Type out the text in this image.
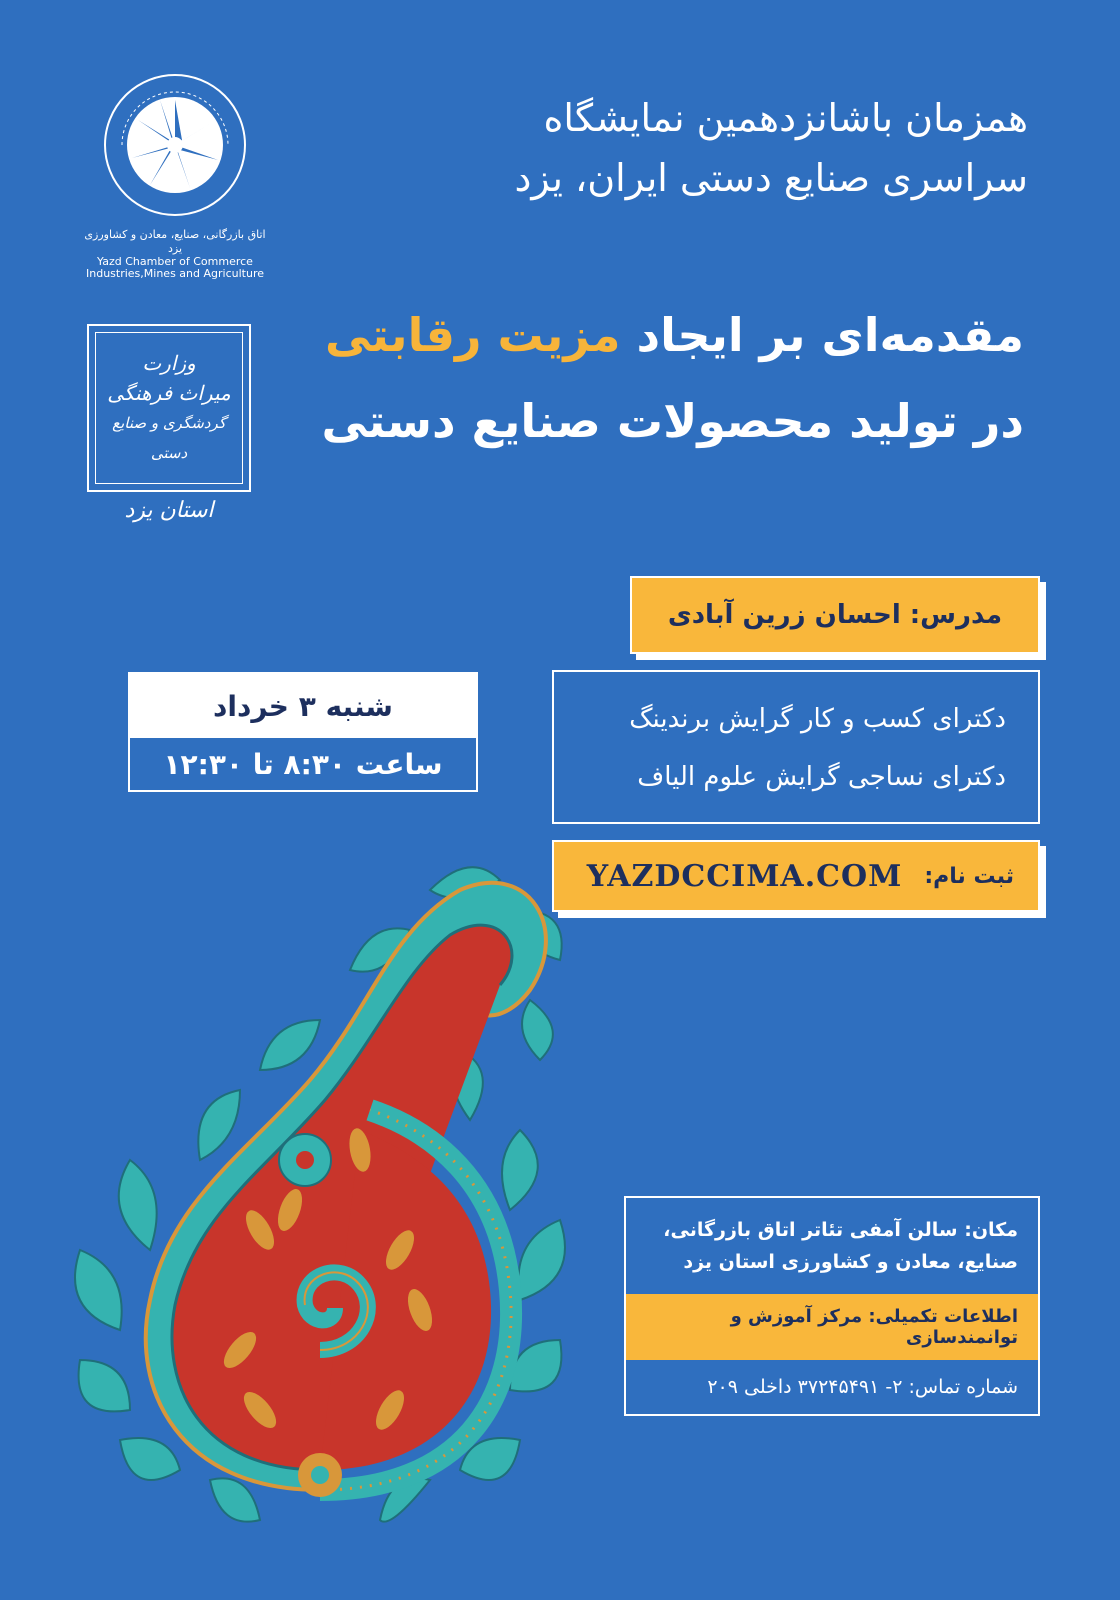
همزمان باشانزدهمین نمایشگاه
سراسری صنایع دستی ایران، یزد
مقدمه‌ای بر ایجاد مزیت رقابتی
در تولید محصولات صنایع دستی
اتاق بازرگانی، صنایع، معادن و کشاورزی یزد
Yazd Chamber of Commerce
Industries,Mines and Agriculture
وزارت
میراث فرهنگی
گردشگری و صنایع دستی
استان یزد
مدرس: احسان زرین آبادی
دکترای کسب و کار گرایش برندینگ
دکترای نساجی گرایش علوم الیاف
ثبت نام:
YAZDCCIMA.COM
شنبه ۳ خرداد
ساعت ۸:۳۰ تا ۱۲:۳۰
مکان: سالن آمفی تئاتر اتاق بازرگانی،
صنایع، معادن و کشاورزی استان یزد
اطلاعات تکمیلی: مرکز آموزش و توانمندسازی
شماره تماس: ۲- ۳۷۲۴۵۴۹۱ داخلی ۲۰۹
